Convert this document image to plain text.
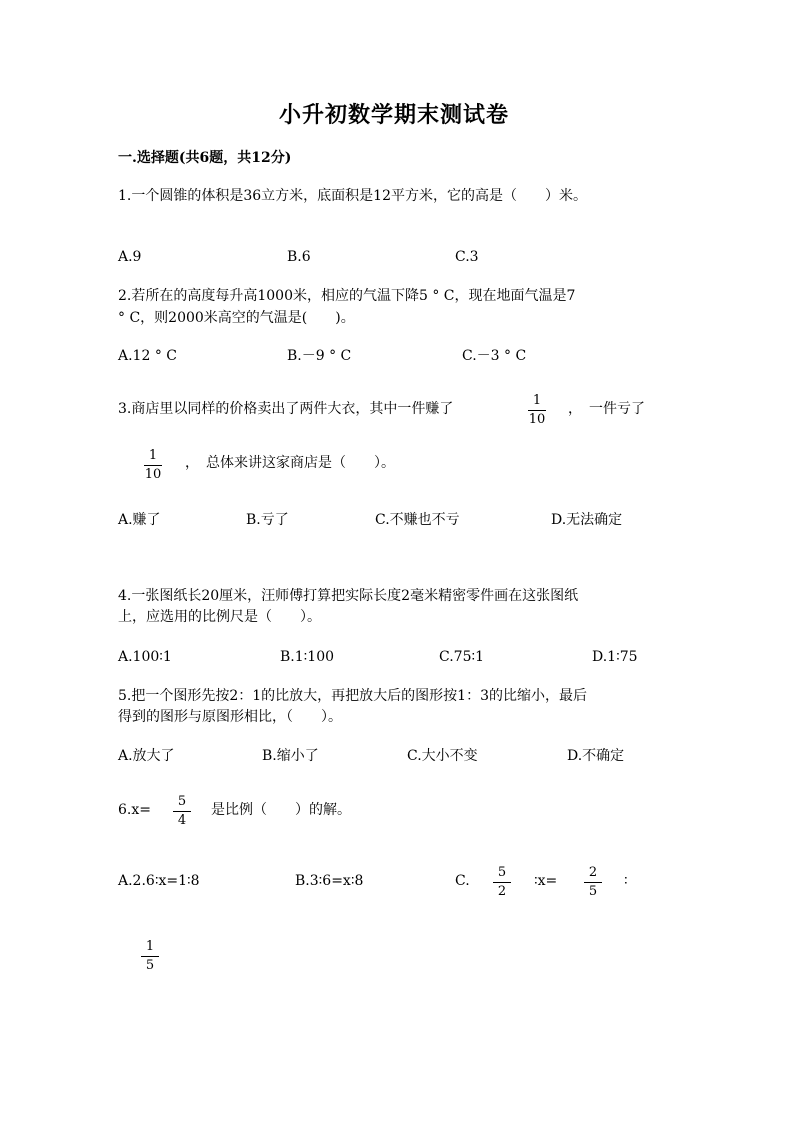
小升初数学期末测试卷
一.选择题(共6题，共12分)
1.一个圆锥的体积是36立方米，底面积是12平方米，它的高是（　　）米。
A.9	B.6	C.3
2.若所在的高度每升高1000米，相应的气温下降5 ° C，现在地面气温是7
° C，则2000米高空的气温是(　　)。
A.12 ° C	B.－9 ° C	C.－3 ° C
3.商店里以同样的价格卖出了两件大衣，其中一件赚了
1
10
，　一件亏了
1
10
，　总体来讲这家商店是（　　）。
A.赚了	B.亏了	C.不赚也不亏	D.无法确定
4.一张图纸长20厘米，汪师傅打算把实际长度2毫米精密零件画在这张图纸
上，应选用的比例尺是（　　）。
A.100∶1	B.1∶100	C.75∶1	D.1∶75
5.把一个图形先按2：1的比放大，再把放大后的图形按1：3的比缩小，最后
得到的图形与原图形相比，（　　）。
A.放大了	B.缩小了	C.大小不变	D.不确定
6.x=
5
4
是比例（　　）的解。
A.2.6∶x=1∶8	B.3∶6=x∶8	C.
5
2
∶x=
2
5
∶
1
5
